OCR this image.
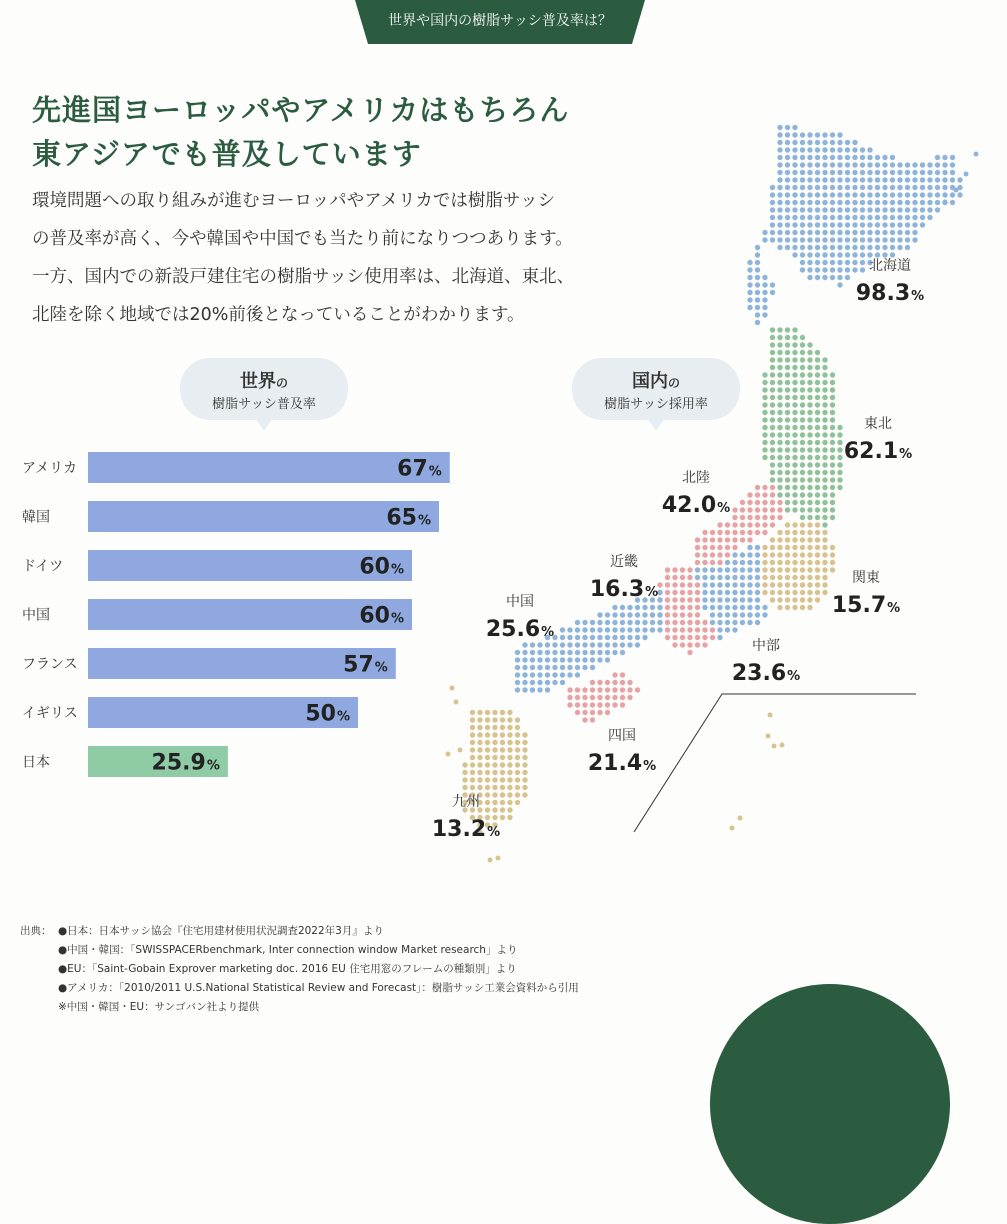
世界や国内の樹脂サッシ普及率は？
先進国ヨーロッパやアメリカはもちろん
東アジアでも普及しています
環境問題への取り組みが進むヨーロッパやアメリカでは樹脂サッシ
の普及率が高く、今や韓国や中国でも当たり前になりつつあります。
一方、国内での新設戸建住宅の樹脂サッシ使用率は、北海道、東北、
北陸を除く地域では20%前後となっていることがわかります。
世界の
樹脂サッシ普及率
国内の
樹脂サッシ採用率
アメリカ	67%
韓国	65%
ドイツ	60%
中国	60%
フランス	57%
イギリス	50%
日本	25.9%
北海道
98.3%
東北
62.1%
北陸
42.0%
関東
15.7%
近畿
16.3%
中部
23.6%
中国
25.6%
四国
21.4%
九州
13.2%
出典： ●日本：日本サッシ協会『住宅用建材使用状況調査2022年3月』より
●中国・韓国：「SWISSPACERbenchmark, Inter connection window Market research」より
●EU：「Saint-Gobain Exprover marketing doc. 2016 EU 住宅用窓のフレームの種類別」より
●アメリカ：「2010/2011 U.S.National Statistical Review and Forecast」：樹脂サッシ工業会資料から引用
※中国・韓国・EU：サンゴバン社より提供
